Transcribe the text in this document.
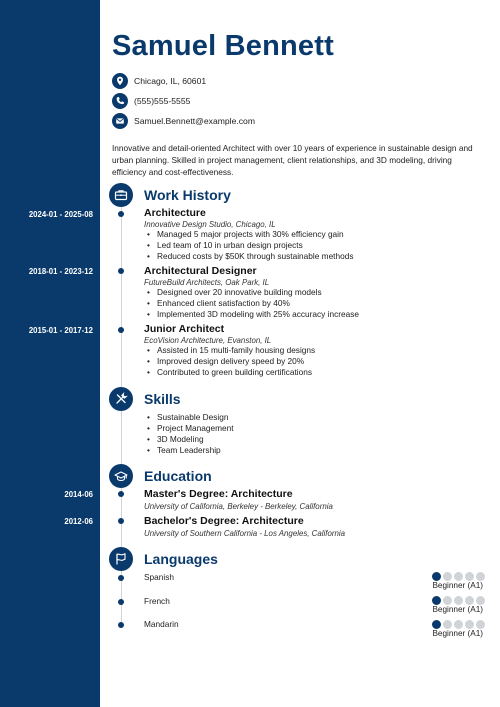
Samuel Bennett
Chicago, IL, 60601
(555)555-5555
Samuel.Bennett@example.com
Innovative and detail-oriented Architect with over 10 years of experience in sustainable design and urban planning. Skilled in project management, client relationships, and 3D modeling, driving efficiency and cost-effectiveness.
Work History
2024-01 - 2025-08	Architecture
Innovative Design Studio, Chicago, IL
• Managed 5 major projects with 30% efficiency gain
• Led team of 10 in urban design projects
• Reduced costs by $50K through sustainable methods
2018-01 - 2023-12	Architectural Designer
FutureBuild Architects, Oak Park, IL
• Designed over 20 innovative building models
• Enhanced client satisfaction by 40%
• Implemented 3D modeling with 25% accuracy increase
2015-01 - 2017-12	Junior Architect
EcoVision Architecture, Evanston, IL
• Assisted in 15 multi-family housing designs
• Improved design delivery speed by 20%
• Contributed to green building certifications
Skills
• Sustainable Design
• Project Management
• 3D Modeling
• Team Leadership
Education
2014-06	Master's Degree: Architecture
University of California, Berkeley - Berkeley, California
2012-06	Bachelor's Degree: Architecture
University of Southern California - Los Angeles, California
Languages
Spanish
Beginner (A1)
French
Beginner (A1)
Mandarin
Beginner (A1)
